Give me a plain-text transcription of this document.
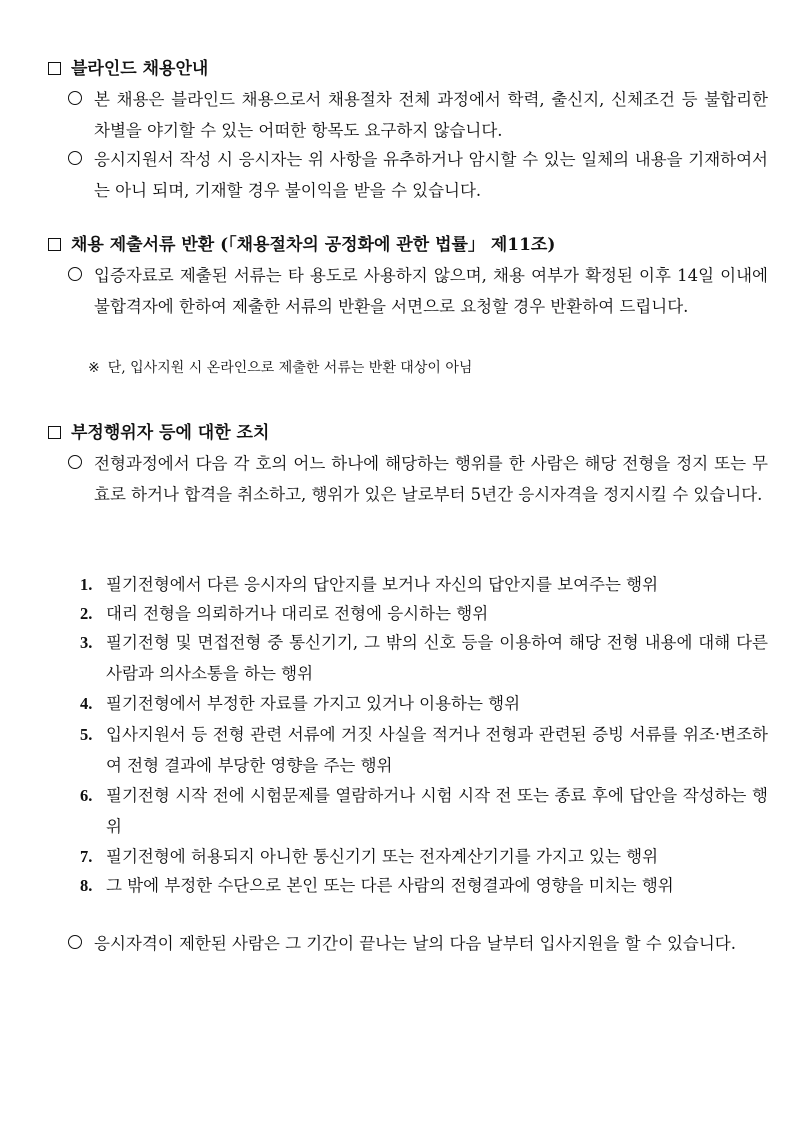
블라인드 채용안내
본 채용은 블라인드 채용으로서 채용절차 전체 과정에서 학력, 출신지, 신체조건 등 불합리한 차별을 야기할 수 있는 어떠한 항목도 요구하지 않습니다.
응시지원서 작성 시 응시자는 위 사항을 유추하거나 암시할 수 있는 일체의 내용을 기재하여서는 아니 되며, 기재할 경우 불이익을 받을 수 있습니다.
채용 제출서류 반환 (「채용절차의 공정화에 관한 법률」 제11조)
입증자료로 제출된 서류는 타 용도로 사용하지 않으며, 채용 여부가 확정된 이후 14일 이내에 불합격자에 한하여 제출한 서류의 반환을 서면으로 요청할 경우 반환하여 드립니다.
※ 단, 입사지원 시 온라인으로 제출한 서류는 반환 대상이 아님
부정행위자 등에 대한 조치
전형과정에서 다음 각 호의 어느 하나에 해당하는 행위를 한 사람은 해당 전형을 정지 또는 무효로 하거나 합격을 취소하고, 행위가 있은 날로부터 5년간 응시자격을 정지시킬 수 있습니다.
1. 필기전형에서 다른 응시자의 답안지를 보거나 자신의 답안지를 보여주는 행위
2. 대리 전형을 의뢰하거나 대리로 전형에 응시하는 행위
3. 필기전형 및 면접전형 중 통신기기, 그 밖의 신호 등을 이용하여 해당 전형 내용에 대해 다른 사람과 의사소통을 하는 행위
4. 필기전형에서 부정한 자료를 가지고 있거나 이용하는 행위
5. 입사지원서 등 전형 관련 서류에 거짓 사실을 적거나 전형과 관련된 증빙 서류를 위조·변조하여 전형 결과에 부당한 영향을 주는 행위
6. 필기전형 시작 전에 시험문제를 열람하거나 시험 시작 전 또는 종료 후에 답안을 작성하는 행위
7. 필기전형에 허용되지 아니한 통신기기 또는 전자계산기기를 가지고 있는 행위
8. 그 밖에 부정한 수단으로 본인 또는 다른 사람의 전형결과에 영향을 미치는 행위
응시자격이 제한된 사람은 그 기간이 끝나는 날의 다음 날부터 입사지원을 할 수 있습니다.
